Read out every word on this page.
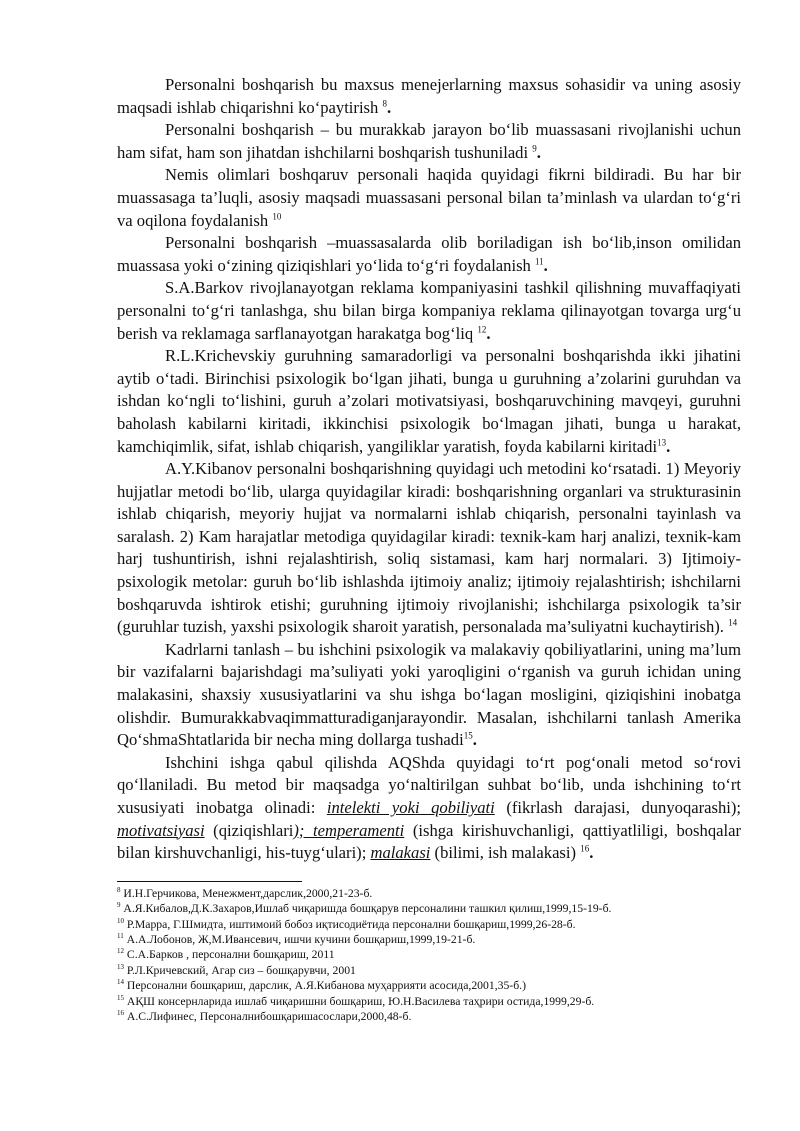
Personalni boshqarish bu maxsus menejerlarning maxsus sohasidir va uning asosiy maqsadi ishlab chiqarishni ko‘paytirish $^8$.

Personalni boshqarish – bu murakkab jarayon bo‘lib muassasani rivojlanishi uchun ham sifat, ham son jihatdan ishchilarni boshqarish tushuniladi $^9$.

Nemis olimlari boshqaruv personali haqida quyidagi fikrni bildiradi. Bu har bir muassasaga ta’luqli, asosiy maqsadi muassasani personal bilan ta’minlash va ulardan to‘g‘ri va oqilona foydalanish $^{10}$

Personalni boshqarish –muassasalarda olib boriladigan ish bo‘lib,inson omilidan muassasa yoki o‘zining qiziqishlari yo‘lida to‘g‘ri foydalanish $^{11}$.

S.A.Barkov rivojlanayotgan reklama kompaniyasini tashkil qilishning muvaffaqiyati personalni to‘g‘ri tanlashga, shu bilan birga kompaniya reklama qilinayotgan tovarga urg‘u berish va reklamaga sarflanayotgan harakatga bog‘liq $^{12}$.

R.L.Krichevskiy guruhning samaradorligi va personalni boshqarishda ikki jihatini aytib o‘tadi. Birinchisi psixologik bo‘lgan jihati, bunga u guruhning a’zolarini guruhdan va ishdan ko‘ngli to‘lishini, guruh a’zolari motivatsiyasi, boshqaruvchining mavqeyi, guruhni baholash kabilarni kiritadi, ikkinchisi psixologik bo‘lmagan jihati, bunga u harakat, kamchiqimlik, sifat, ishlab chiqarish, yangiliklar yaratish, foyda kabilarni kiritadi$^{13}$.

A.Y.Kibanov personalni boshqarishning quyidagi uch metodini ko‘rsatadi. 1) Meyoriy hujjatlar metodi bo‘lib, ularga quyidagilar kiradi: boshqarishning organlari va strukturasinin ishlab chiqarish, meyoriy hujjat va normalarni ishlab chiqarish, personalni tayinlash va saralash. 2) Kam harajatlar metodiga quyidagilar kiradi: texnik-kam harj analizi, texnik-kam harj tushuntirish, ishni rejalashtirish, soliq sistamasi, kam harj normalari. 3) Ijtimoiy-psixologik metolar: guruh bo‘lib ishlashda ijtimoiy analiz; ijtimoiy rejalashtirish; ishchilarni boshqaruvda ishtirok etishi; guruhning ijtimoiy rivojlanishi; ishchilarga psixologik ta’sir (guruhlar tuzish, yaxshi psixologik sharoit yaratish, personalada ma’suliyatni kuchaytirish). $^{14}$

Kadrlarni tanlash – bu ishchini psixologik va malakaviy qobiliyatlarini, uning ma’lum bir vazifalarni bajarishdagi ma’suliyati yoki yaroqligini o‘rganish va guruh ichidan uning malakasini, shaxsiy xususiyatlarini va shu ishga bo‘lagan mosligini, qiziqishini inobatga olishdir. Bumurakkabvaqimmatturadiganjarayondir. Masalan, ishchilarni tanlash Amerika Qo‘shmaShtatlarida bir necha ming dollarga tushadi$^{15}$.

Ishchini ishga qabul qilishda AQShda quyidagi to‘rt pog‘onali metod so‘rovi qo‘llaniladi. Bu metod bir maqsadga yo‘naltirilgan suhbat bo‘lib, unda ishchining to‘rt xususiyati inobatga olinadi: intelekti yoki qobiliyati (fikrlash darajasi, dunyoqarashi); motivatsiyasi (qiziqishlari); temperamenti (ishga kirishuvchanligi, qattiyatliligi, boshqalar bilan kirshuvchanligi, his-tuyg‘ulari); malakasi (bilimi, ish malakasi) $^{16}$.

$^8$ И.Н.Герчикова, Менежмент,дарслик,2000,21-23-б.

$^9$ А.Я.Кибалов,Д.К.Захаров,Ишлаб чиқаришда бошқарув персоналини ташкил қилиш,1999,15-19-б.

$^{10}$ Р.Марра, Г.Шмидта, иштимоий бобоз иқтисодиётида персонални бошқариш,1999,26-28-б.

$^{11}$ А.А.Лобонов, Ж,М.Ивансевич, ишчи кучини бошқариш,1999,19-21-б.

$^{12}$ С.А.Барков , персонални бошқариш, 2011

$^{13}$ Р.Л.Кричевский, Агар сиз – бошқарувчи, 2001

$^{14}$ Персонални бошқариш, дарслик, А.Я.Кибанова муҳаррияти асосида,2001,35-б.)

$^{15}$ АҚШ консернларида ишлаб чиқаришни бошқариш, Ю.Н.Василева таҳрири остида,1999,29-б.

$^{16}$ А.С.Лифинес, Персоналнибошқаришасослари,2000,48-б.
